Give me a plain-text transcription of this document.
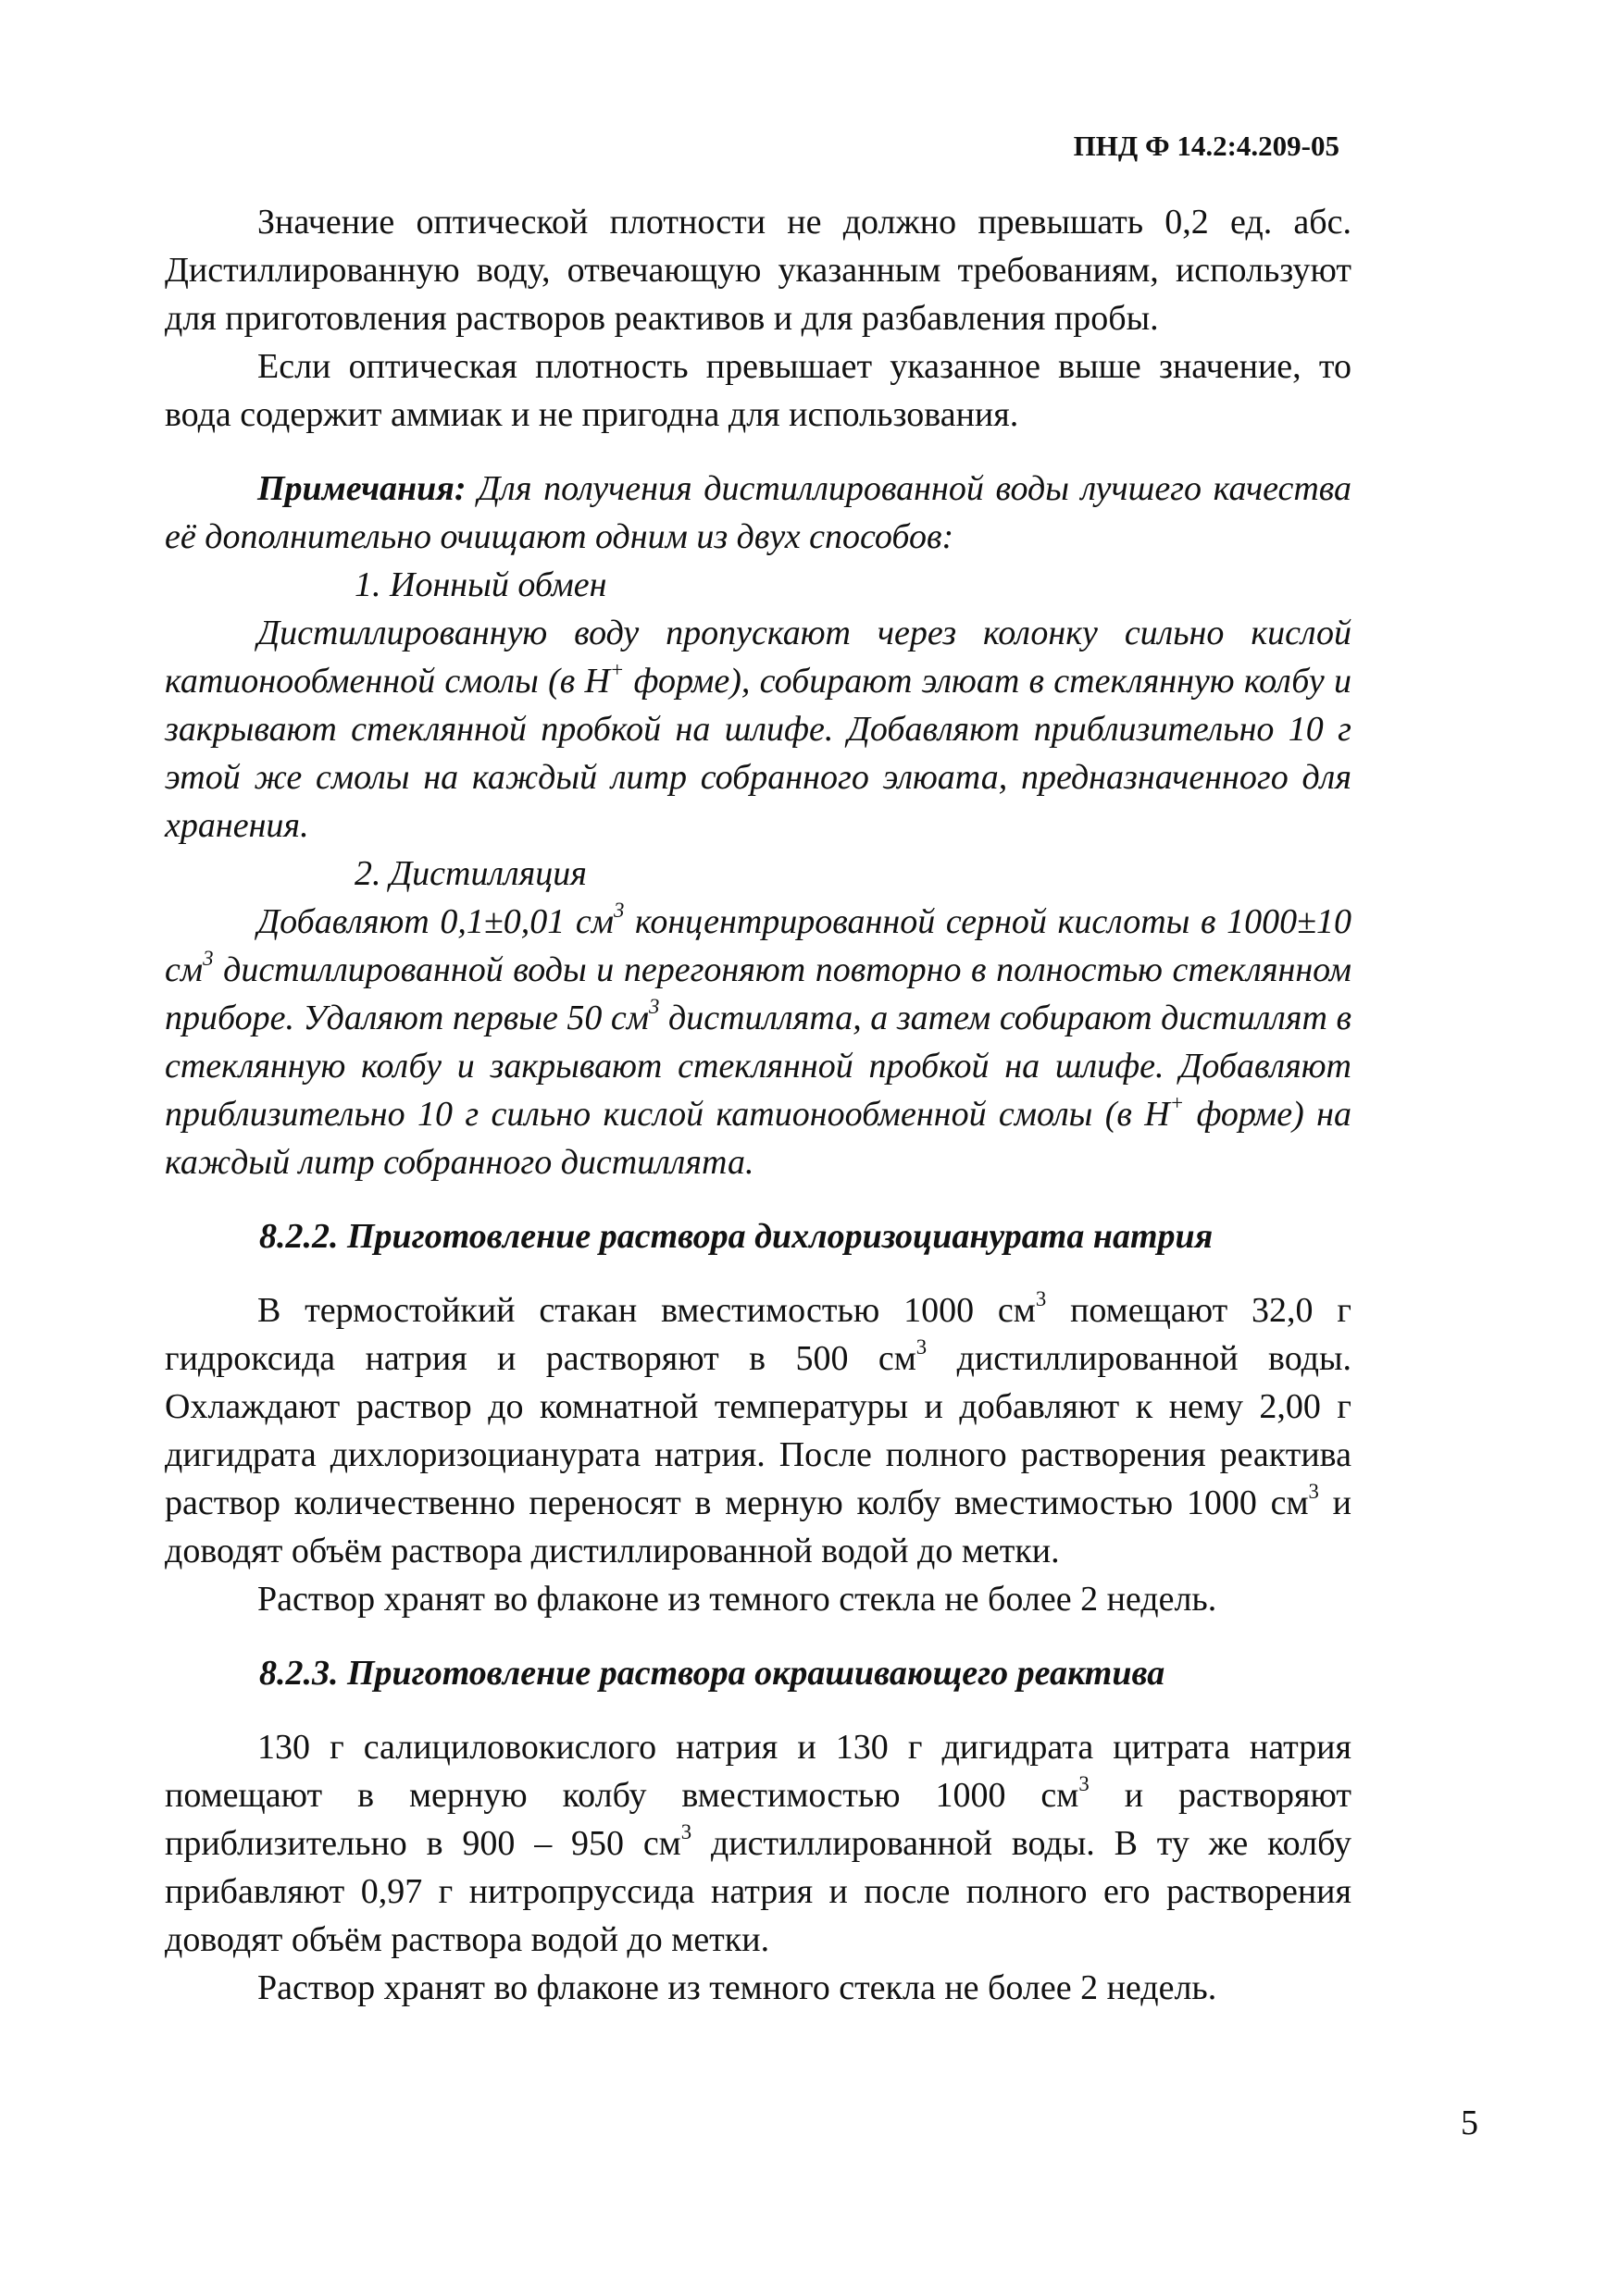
ПНД Ф 14.2:4.209-05

Значение оптической плотности не должно превышать 0,2 ед. абс. Дистиллированную воду, отвечающую указанным требованиям, используют для приготовления растворов реактивов и для разбавления пробы.

Если оптическая плотность превышает указанное выше значение, то вода содержит аммиак и не пригодна для использования.

Примечания: Для получения дистиллированной воды лучшего качества её дополнительно очищают одним из двух способов:

1. Ионный обмен

Дистиллированную воду пропускают через колонку сильно кислой катионообменной смолы (в H+ форме), собирают элюат в стеклянную колбу и закрывают стеклянной пробкой на шлифе. Добавляют приблизительно 10 г этой же смолы на каждый литр собранного элюата, предназначенного для хранения.

2. Дистилляция

Добавляют 0,1±0,01 $см^3$ концентрированной серной кислоты в 1000±10 $см^3$ дистиллированной воды и перегоняют повторно в полностью стеклянном приборе. Удаляют первые 50 $см^3$ дистиллята, а затем собирают дистиллят в стеклянную колбу и закрывают стеклянной пробкой на шлифе. Добавляют приблизительно 10 г сильно кислой катионообменной смолы (в H+ форме) на каждый литр собранного дистиллята.

8.2.2. Приготовление раствора дихлоризоцианурата натрия

В термостойкий стакан вместимостью 1000 $см^3$ помещают 32,0 г гидроксида натрия и растворяют в 500 $см^3$ дистиллированной воды. Охлаждают раствор до комнатной температуры и добавляют к нему 2,00 г дигидрата дихлоризоцианурата натрия. После полного растворения реактива раствор количественно переносят в мерную колбу вместимостью 1000 $см^3$ и доводят объём раствора дистиллированной водой до метки.

Раствор хранят во флаконе из темного стекла не более 2 недель.

8.2.3. Приготовление раствора окрашивающего реактива

130 г салициловокислого натрия и 130 г дигидрата цитрата натрия помещают в мерную колбу вместимостью 1000 $см^3$ и растворяют приблизительно в 900 – 950 $см^3$ дистиллированной воды. В ту же колбу прибавляют 0,97 г нитропруссида натрия и после полного его растворения доводят объём раствора водой до метки.

Раствор хранят во флаконе из темного стекла не более 2 недель.

5
